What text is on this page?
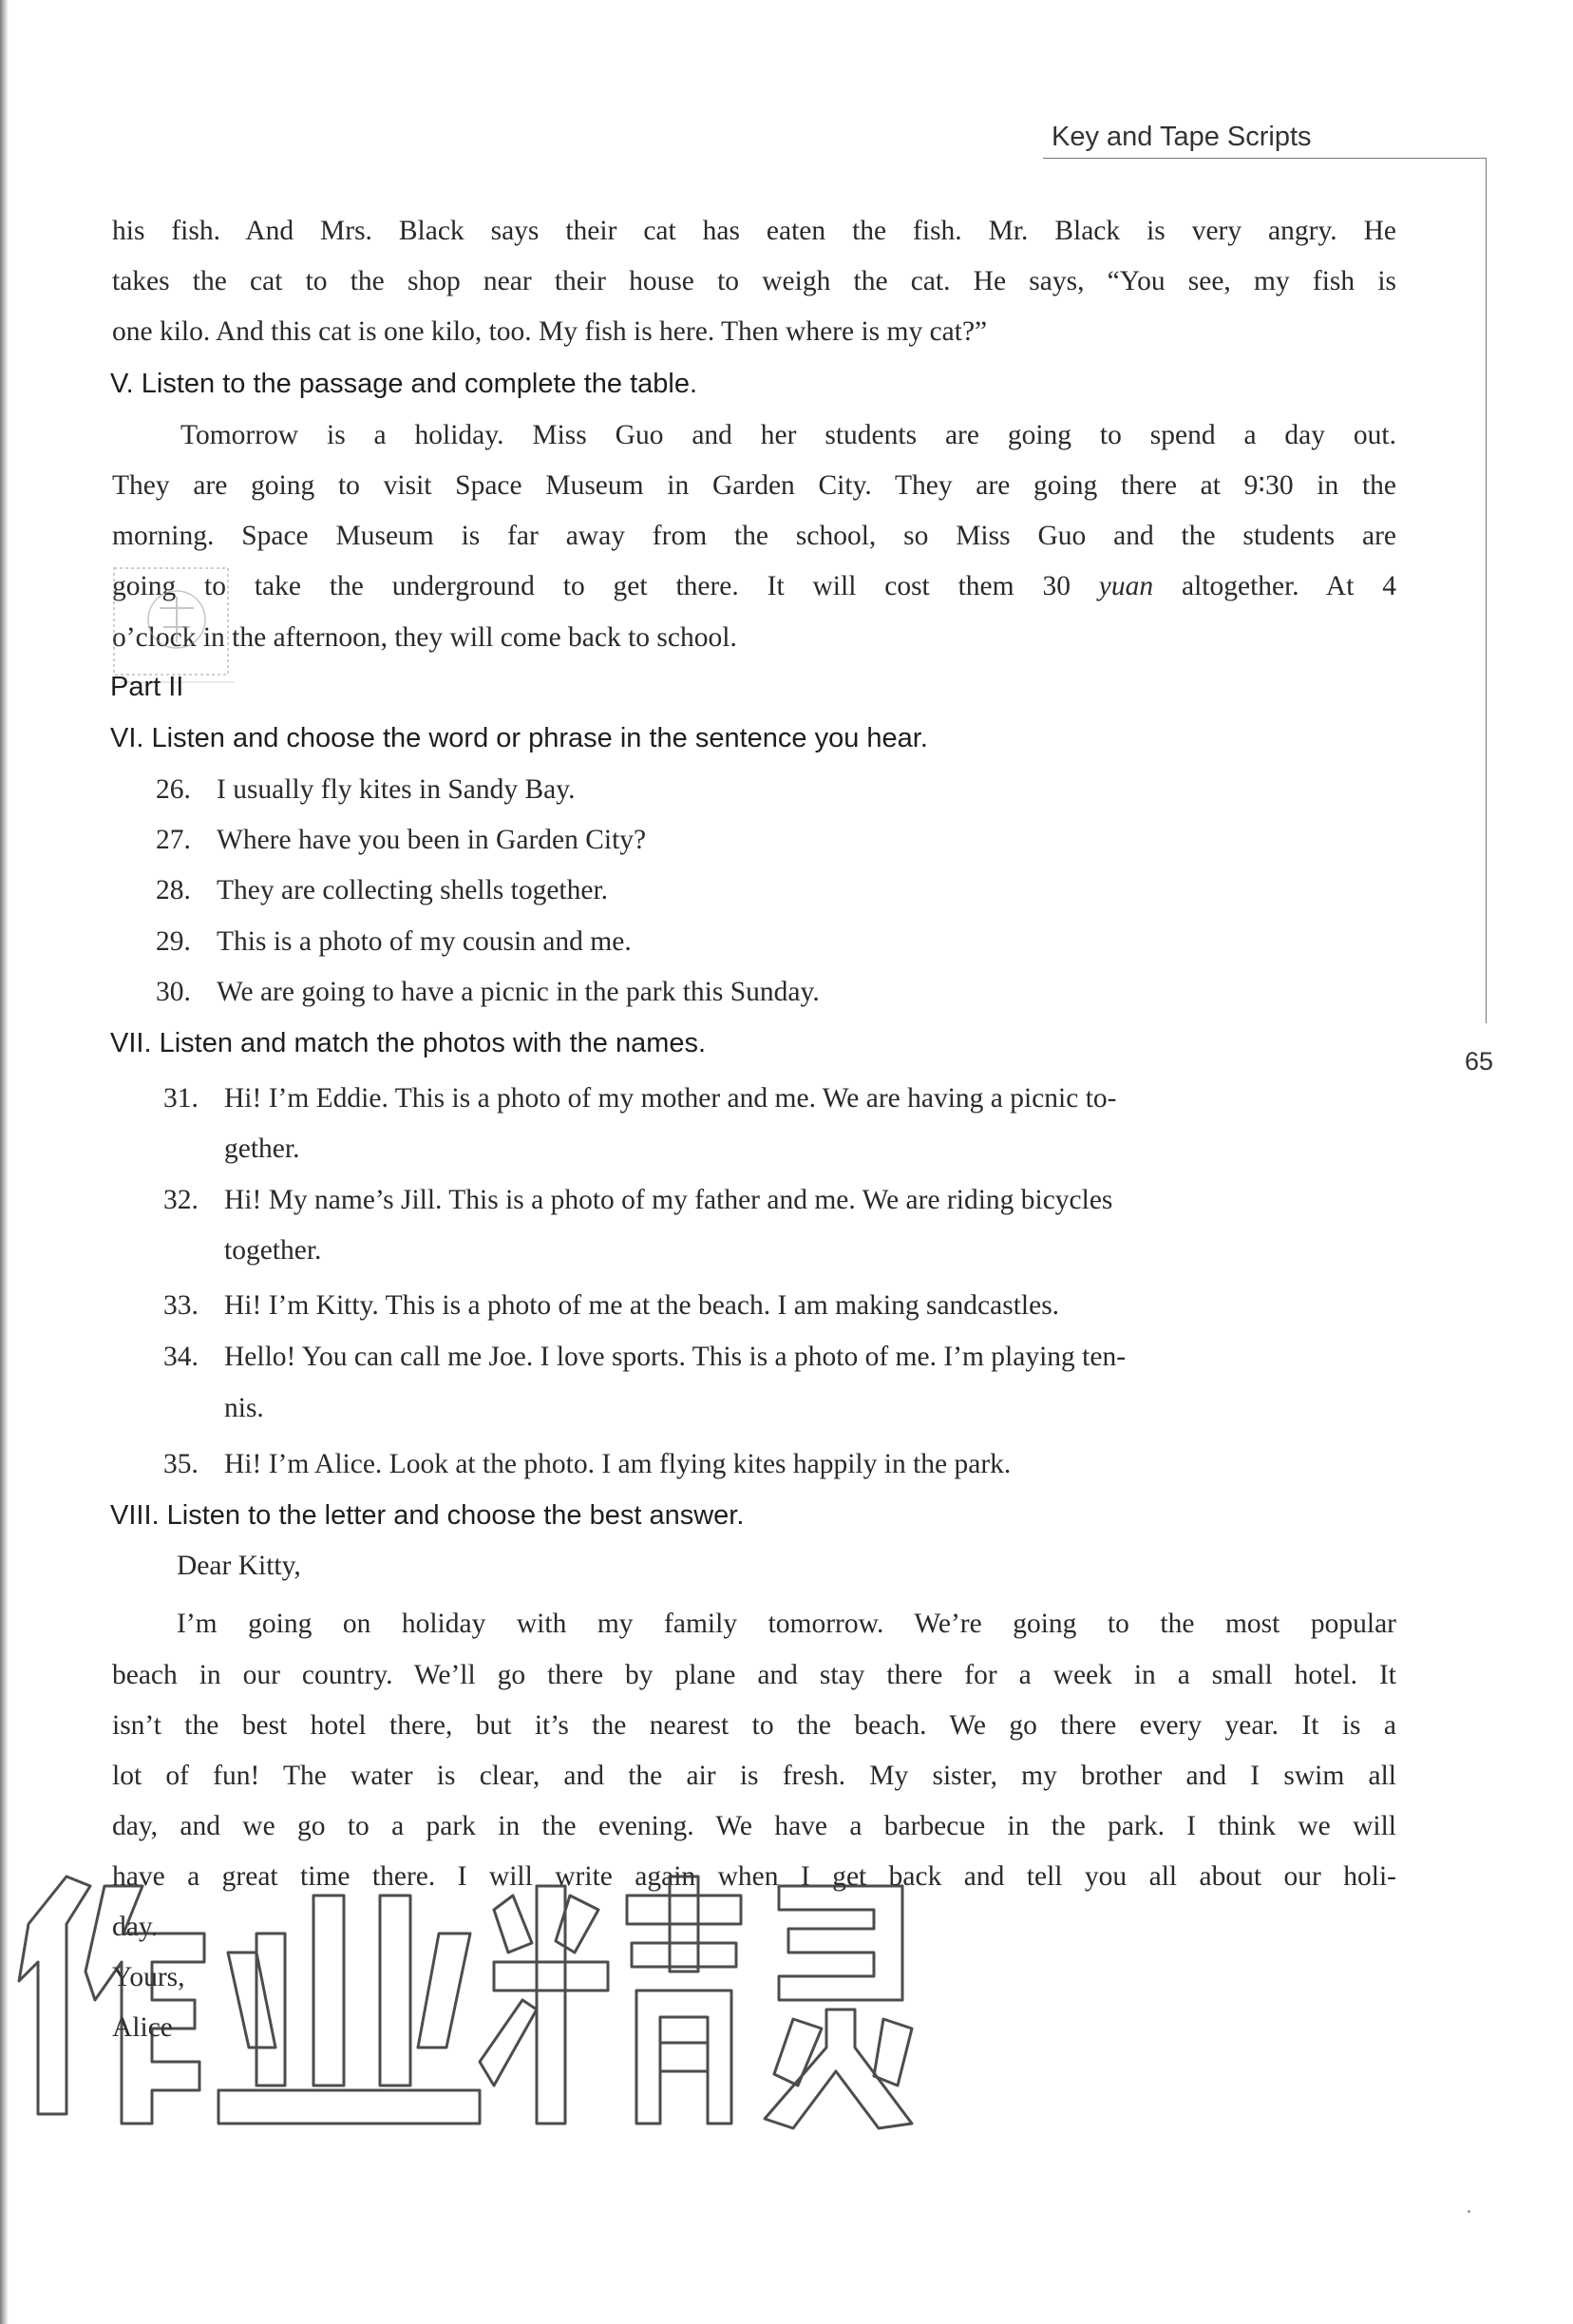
Key and Tape Scripts
65
his fish. And Mrs. Black says their cat has eaten the fish. Mr. Black is very angry. He
takes the cat to the shop near their house to weigh the cat. He says, “You see, my fish is
one kilo. And this cat is one kilo, too. My fish is here. Then where is my cat?”
V. Listen to the passage and complete the table.
Tomorrow is a holiday. Miss Guo and her students are going to spend a day out.
They are going to visit Space Museum in Garden City. They are going there at 9∶30 in the
morning. Space Museum is far away from the school, so Miss Guo and the students are
going to take the underground to get there. It will cost them 30 yuan altogether. At 4
o’clock in the afternoon, they will come back to school.
Part II
VI. Listen and choose the word or phrase in the sentence you hear.
26. I usually fly kites in Sandy Bay.
27. Where have you been in Garden City?
28. They are collecting shells together.
29. This is a photo of my cousin and me.
30. We are going to have a picnic in the park this Sunday.
VII. Listen and match the photos with the names.
31. Hi! I’m Eddie. This is a photo of my mother and me. We are having a picnic to-
gether.
32. Hi! My name’s Jill. This is a photo of my father and me. We are riding bicycles
together.
33. Hi! I’m Kitty. This is a photo of me at the beach. I am making sandcastles.
34. Hello! You can call me Joe. I love sports. This is a photo of me. I’m playing ten-
nis.
35. Hi! I’m Alice. Look at the photo. I am flying kites happily in the park.
VIII. Listen to the letter and choose the best answer.
Dear Kitty,
I’m going on holiday with my family tomorrow. We’re going to the most popular
beach in our country. We’ll go there by plane and stay there for a week in a small hotel. It
isn’t the best hotel there, but it’s the nearest to the beach. We go there every year. It is a
lot of fun! The water is clear, and the air is fresh. My sister, my brother and I swim all
day, and we go to a park in the evening. We have a barbecue in the park. I think we will
have a great time there. I will write again when I get back and tell you all about our holi-
day.
Yours,
Alice
